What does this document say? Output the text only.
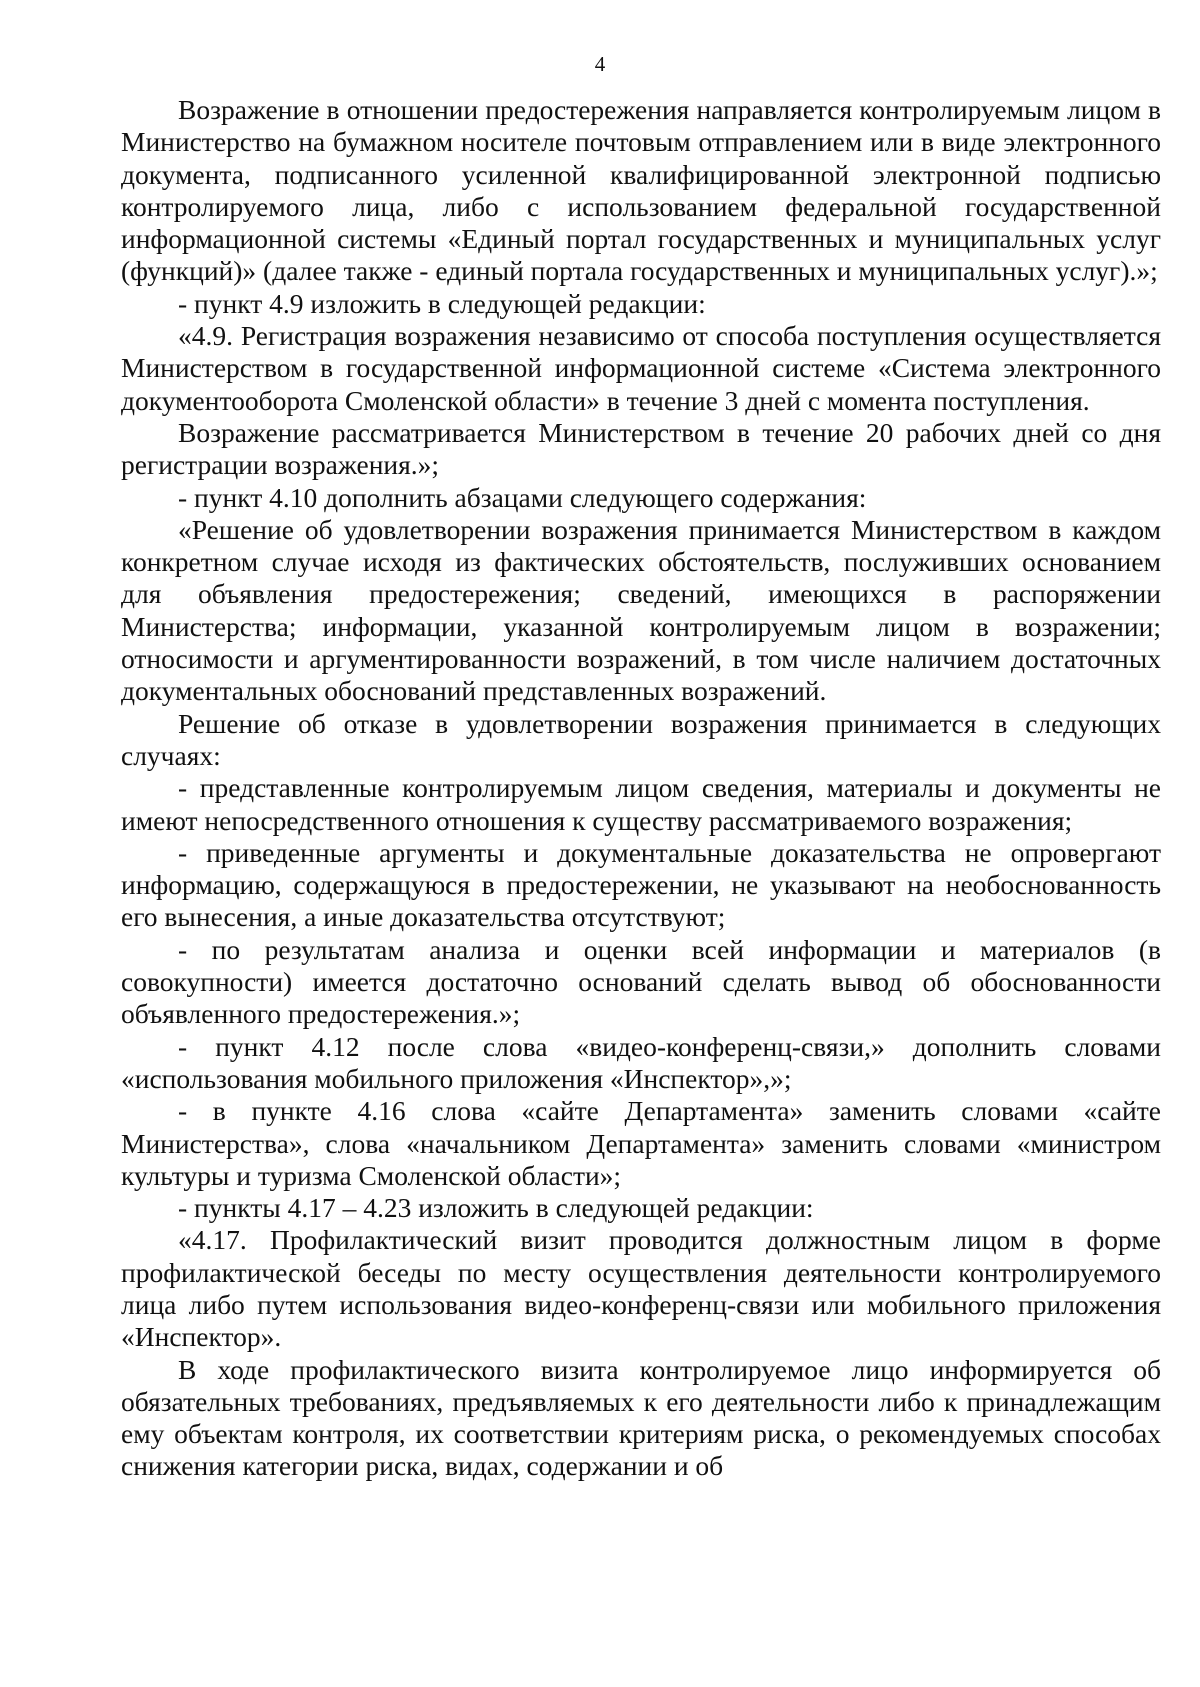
4

Возражение в отношении предостережения направляется контролируемым лицом в Министерство на бумажном носителе почтовым отправлением или в виде электронного документа, подписанного усиленной квалифицированной электронной подписью контролируемого лица, либо с использованием федеральной государственной информационной системы «Единый портал государственных и муниципальных услуг (функций)» (далее также - единый портала государственных и муниципальных услуг).»;

- пункт 4.9 изложить в следующей редакции:

«4.9. Регистрация возражения независимо от способа поступления осуществляется Министерством в государственной информационной системе «Система электронного документооборота Смоленской области» в течение 3 дней с момента поступления.

Возражение рассматривается Министерством в течение 20 рабочих дней со дня регистрации возражения.»;

- пункт 4.10 дополнить абзацами следующего содержания:

«Решение об удовлетворении возражения принимается Министерством в каждом конкретном случае исходя из фактических обстоятельств, послуживших основанием для объявления предостережения; сведений, имеющихся в распоряжении Министерства; информации, указанной контролируемым лицом в возражении; относимости и аргументированности возражений, в том числе наличием достаточных документальных обоснований представленных возражений.

Решение об отказе в удовлетворении возражения принимается в следующих случаях:

- представленные контролируемым лицом сведения, материалы и документы не имеют непосредственного отношения к существу рассматриваемого возражения;

- приведенные аргументы и документальные доказательства не опровергают информацию, содержащуюся в предостережении, не указывают на необоснованность его вынесения, а иные доказательства отсутствуют;

- по результатам анализа и оценки всей информации и материалов (в совокупности) имеется достаточно оснований сделать вывод об обоснованности объявленного предостережения.»;

- пункт 4.12 после слова «видео-конференц-связи,» дополнить словами «использования мобильного приложения «Инспектор»,»;

- в пункте 4.16 слова «сайте Департамента» заменить словами «сайте Министерства», слова «начальником Департамента» заменить словами «министром культуры и туризма Смоленской области»;

- пункты 4.17 – 4.23 изложить в следующей редакции:

«4.17. Профилактический визит проводится должностным лицом в форме профилактической беседы по месту осуществления деятельности контролируемого лица либо путем использования видео-конференц-связи или мобильного приложения «Инспектор».

В ходе профилактического визита контролируемое лицо информируется об обязательных требованиях, предъявляемых к его деятельности либо к принадлежащим ему объектам контроля, их соответствии критериям риска, о рекомендуемых способах снижения категории риска, видах, содержании и об
